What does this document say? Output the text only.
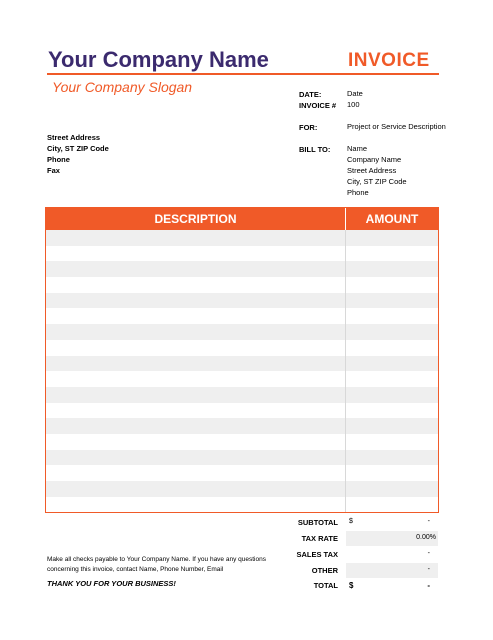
Your Company Name	INVOICE
Your Company Slogan	DATE:	Date
INVOICE # 100
FOR:	Project or Service Description
BILL TO: Name
Company Name
Street Address
City, ST ZIP Code
Phone
Street Address
City, ST ZIP Code
Phone
Fax
DESCRIPTION	AMOUNT
SUBTOTAL $	-
TAX RATE	0.00%
SALES TAX	-
OTHER	-
TOTAL $	-
Make all checks payable to Your Company Name. If you have any questions concerning this invoice, contact Name, Phone Number, Email
THANK YOU FOR YOUR BUSINESS!
